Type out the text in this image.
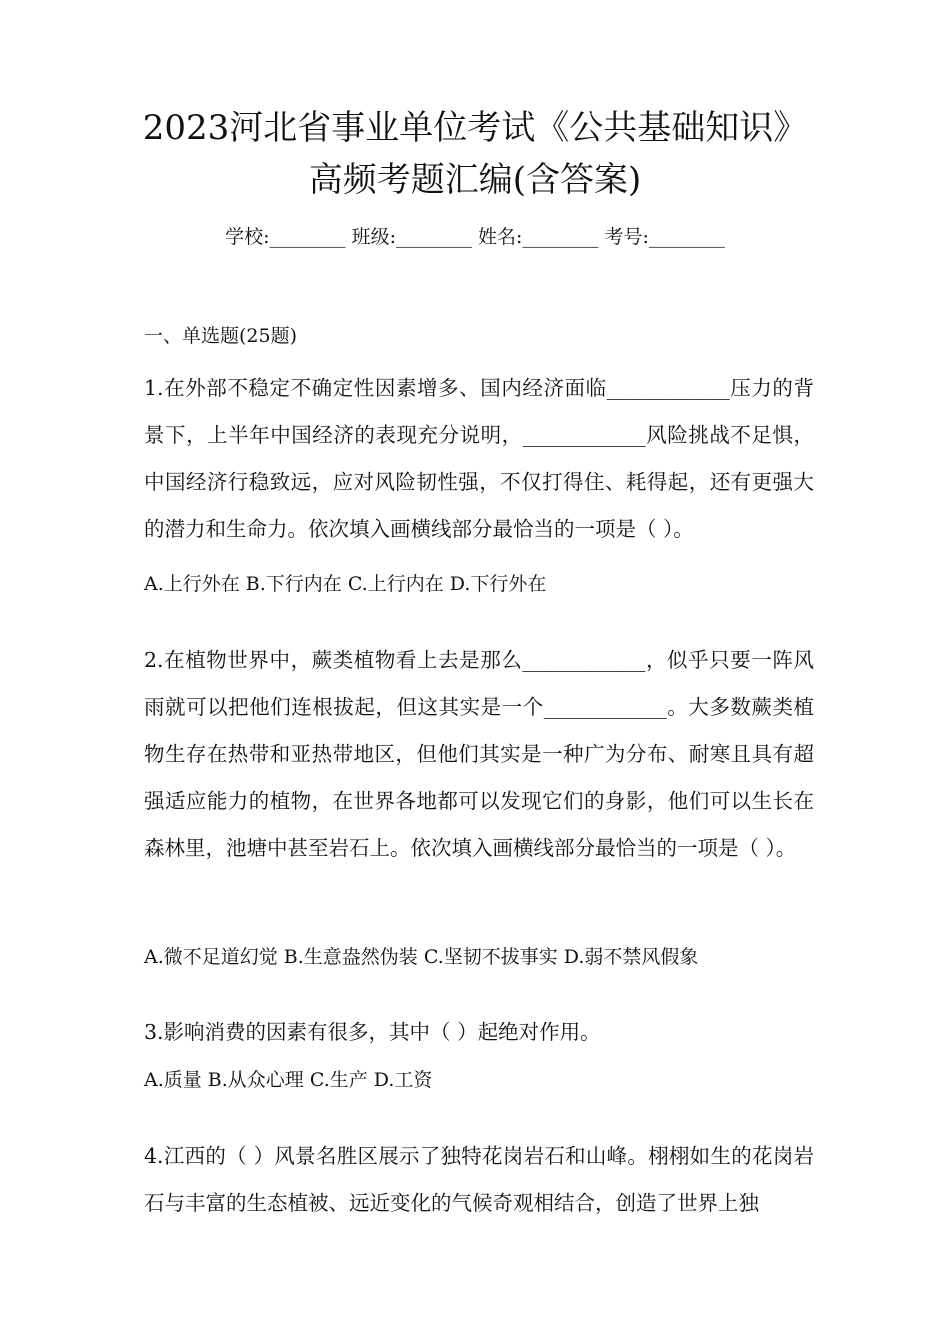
2023河北省事业单位考试《公共基础知识》
高频考题汇编(含答案)
学校:________ 班级:________ 姓名:________ 考号:________
一、单选题(25题)
1.在外部不稳定不确定性因素增多、国内经济面临____________压力的背景下，上半年中国经济的表现充分说明，____________风险挑战不足惧，中国经济行稳致远，应对风险韧性强，不仅打得住、耗得起，还有更强大的潜力和生命力。依次填入画横线部分最恰当的一项是（ ）。
A.上行外在 B.下行内在 C.上行内在 D.下行外在
2.在植物世界中，蕨类植物看上去是那么____________，似乎只要一阵风雨就可以把他们连根拔起，但这其实是一个____________。大多数蕨类植物生存在热带和亚热带地区，但他们其实是一种广为分布、耐寒且具有超强适应能力的植物，在世界各地都可以发现它们的身影，他们可以生长在森林里，池塘中甚至岩石上。依次填入画横线部分最恰当的一项是（ ）。
A.微不足道幻觉 B.生意盎然伪装 C.坚韧不拔事实 D.弱不禁风假象
3.影响消费的因素有很多，其中（ ）起绝对作用。
A.质量 B.从众心理 C.生产 D.工资
4.江西的（ ）风景名胜区展示了独特花岗岩石和山峰。栩栩如生的花岗岩石与丰富的生态植被、远近变化的气候奇观相结合，创造了世界上独
